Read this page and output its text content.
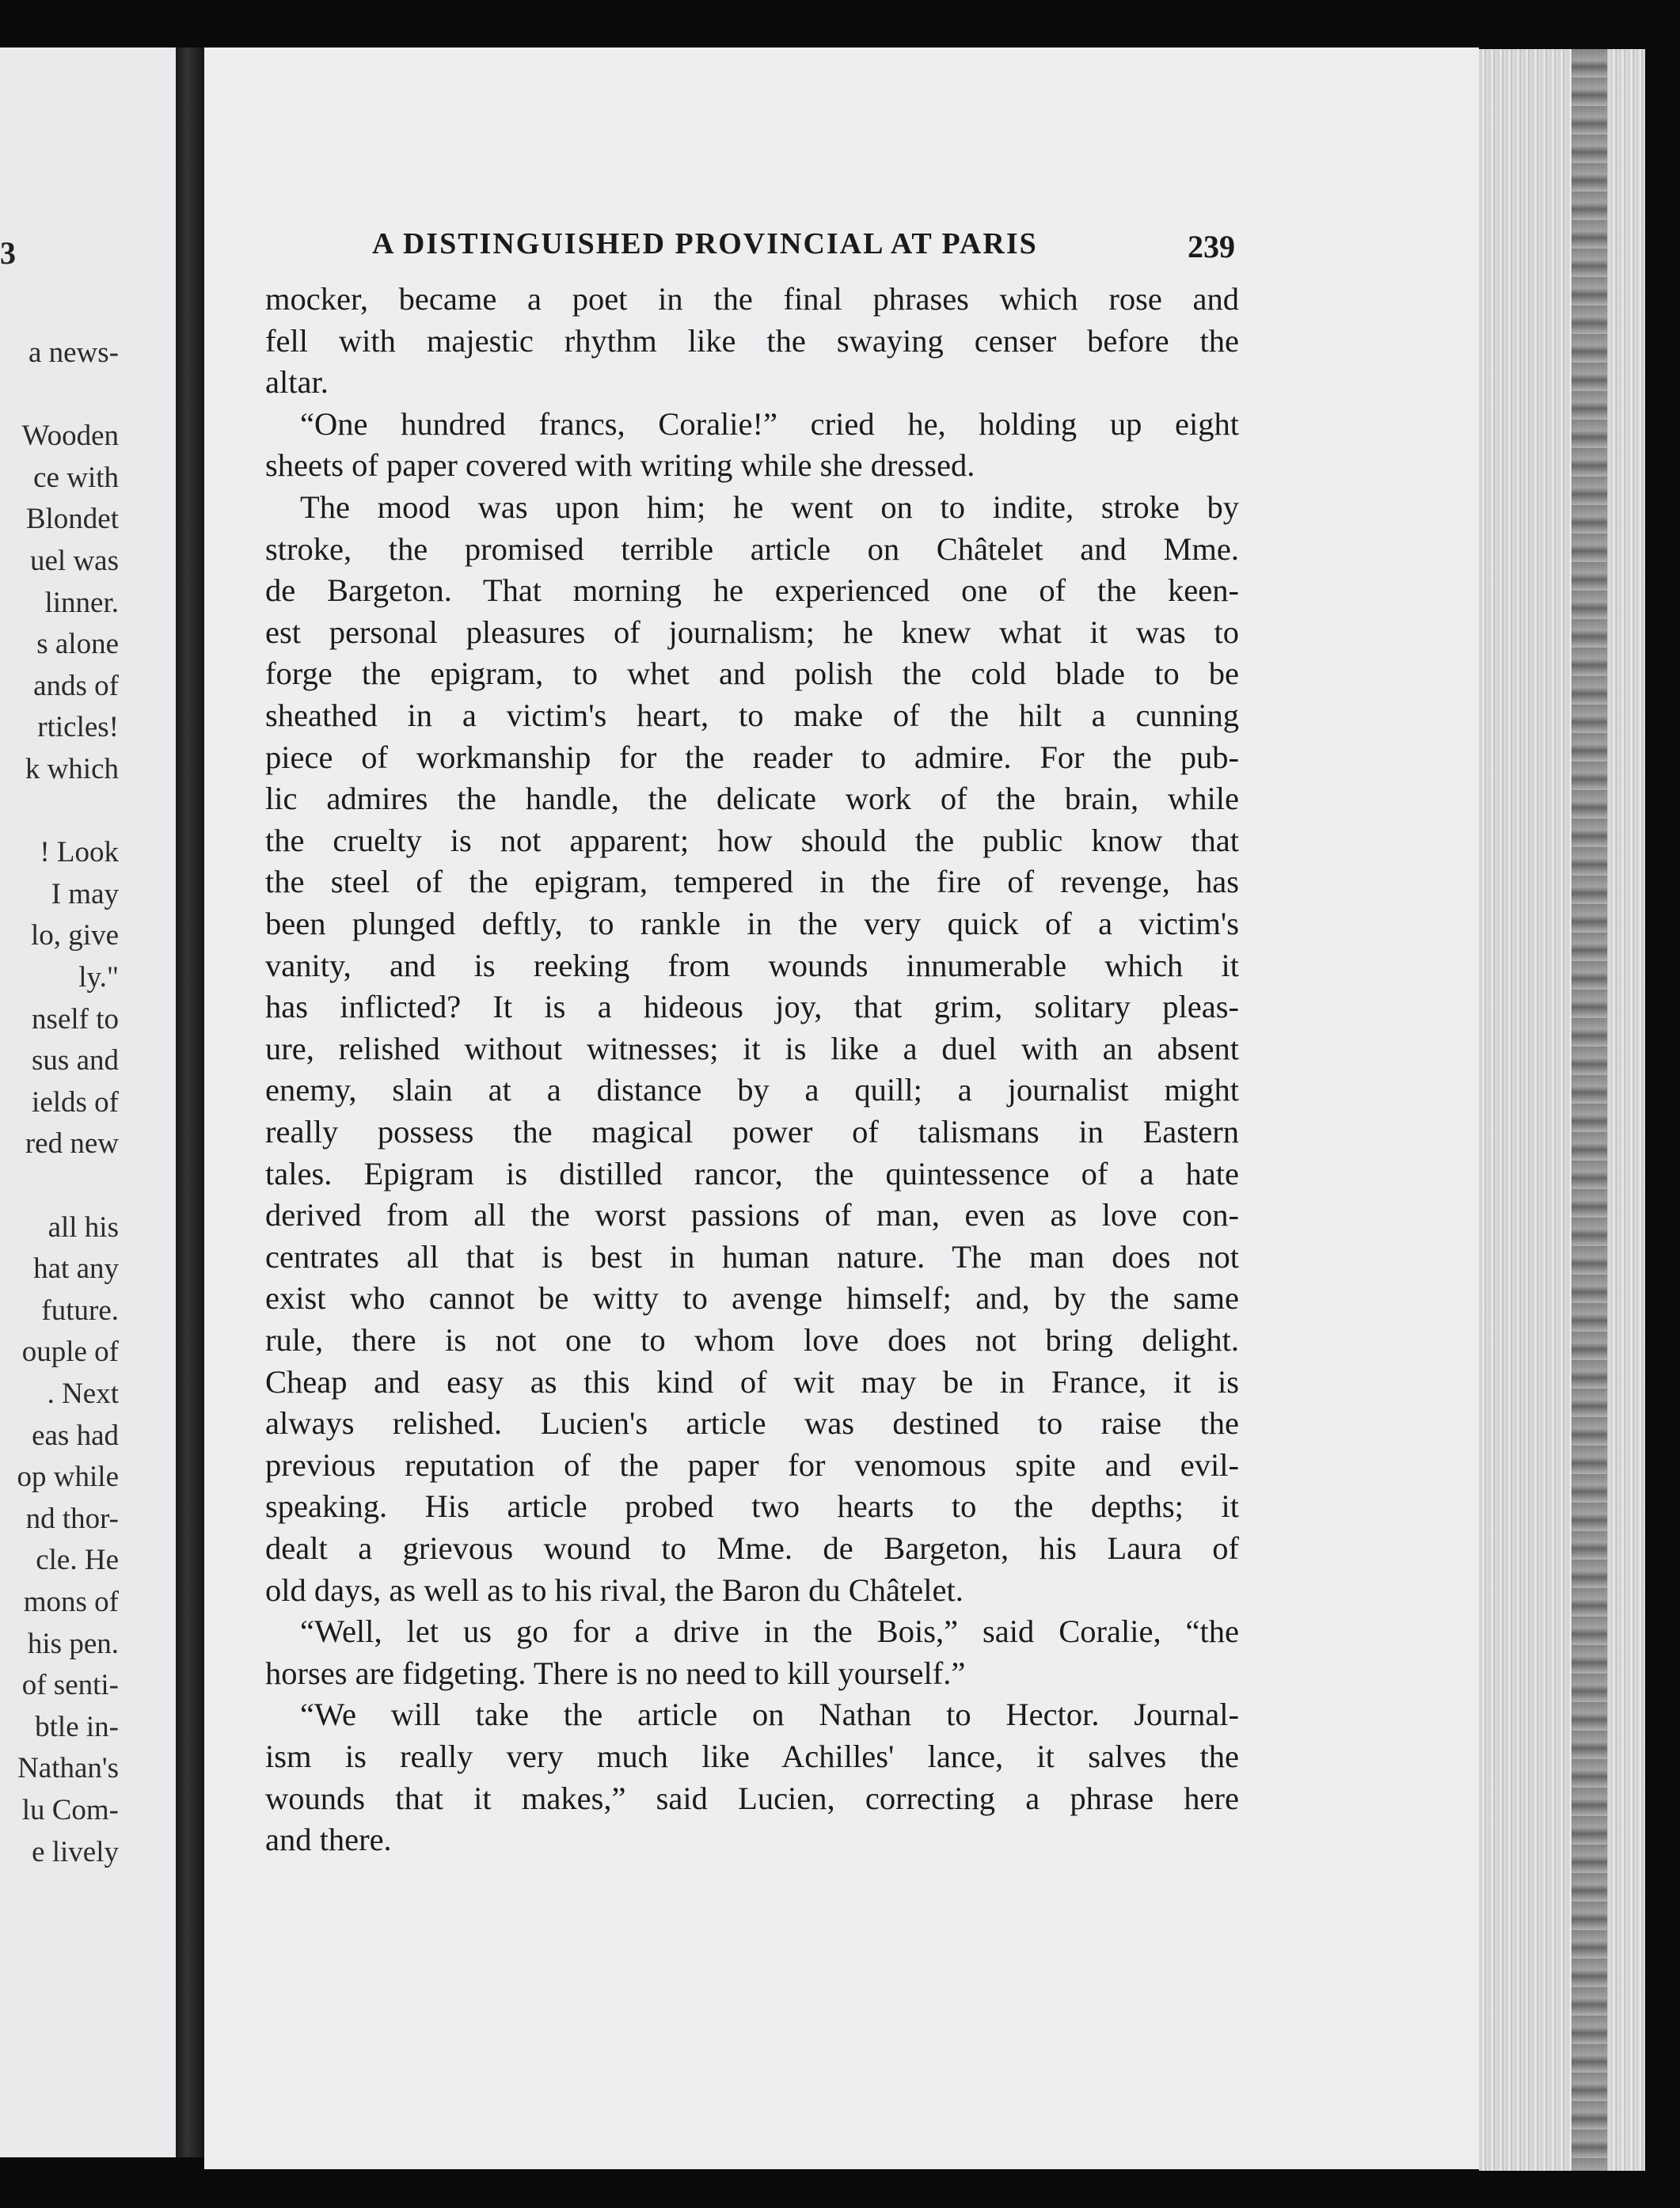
3
a news-
Wooden
ce with
Blondet
uel was
linner.
s alone
ands of
rticles!
k which
! Look
I may
lo, give
ly."
nself to
sus and
ields of
red new
all his
hat any
future.
ouple of
. Next
eas had
op while
nd thor-
cle. He
mons of
his pen.
of senti-
btle in-
Nathan's
lu Com-
e lively
A DISTINGUISHED PROVINCIAL AT PARIS	239
mocker, became a poet in the final phrases which rose and
fell with majestic rhythm like the swaying censer before the
altar.
“One hundred francs, Coralie!” cried he, holding up eight
sheets of paper covered with writing while she dressed.
The mood was upon him; he went on to indite, stroke by
stroke, the promised terrible article on Châtelet and Mme.
de Bargeton. That morning he experienced one of the keen-
est personal pleasures of journalism; he knew what it was to
forge the epigram, to whet and polish the cold blade to be
sheathed in a victim's heart, to make of the hilt a cunning
piece of workmanship for the reader to admire. For the pub-
lic admires the handle, the delicate work of the brain, while
the cruelty is not apparent; how should the public know that
the steel of the epigram, tempered in the fire of revenge, has
been plunged deftly, to rankle in the very quick of a victim's
vanity, and is reeking from wounds innumerable which it
has inflicted? It is a hideous joy, that grim, solitary pleas-
ure, relished without witnesses; it is like a duel with an absent
enemy, slain at a distance by a quill; a journalist might
really possess the magical power of talismans in Eastern
tales. Epigram is distilled rancor, the quintessence of a hate
derived from all the worst passions of man, even as love con-
centrates all that is best in human nature. The man does not
exist who cannot be witty to avenge himself; and, by the same
rule, there is not one to whom love does not bring delight.
Cheap and easy as this kind of wit may be in France, it is
always relished. Lucien's article was destined to raise the
previous reputation of the paper for venomous spite and evil-
speaking. His article probed two hearts to the depths; it
dealt a grievous wound to Mme. de Bargeton, his Laura of
old days, as well as to his rival, the Baron du Châtelet.
“Well, let us go for a drive in the Bois,” said Coralie, “the
horses are fidgeting. There is no need to kill yourself.”
“We will take the article on Nathan to Hector. Journal-
ism is really very much like Achilles' lance, it salves the
wounds that it makes,” said Lucien, correcting a phrase here
and there.
